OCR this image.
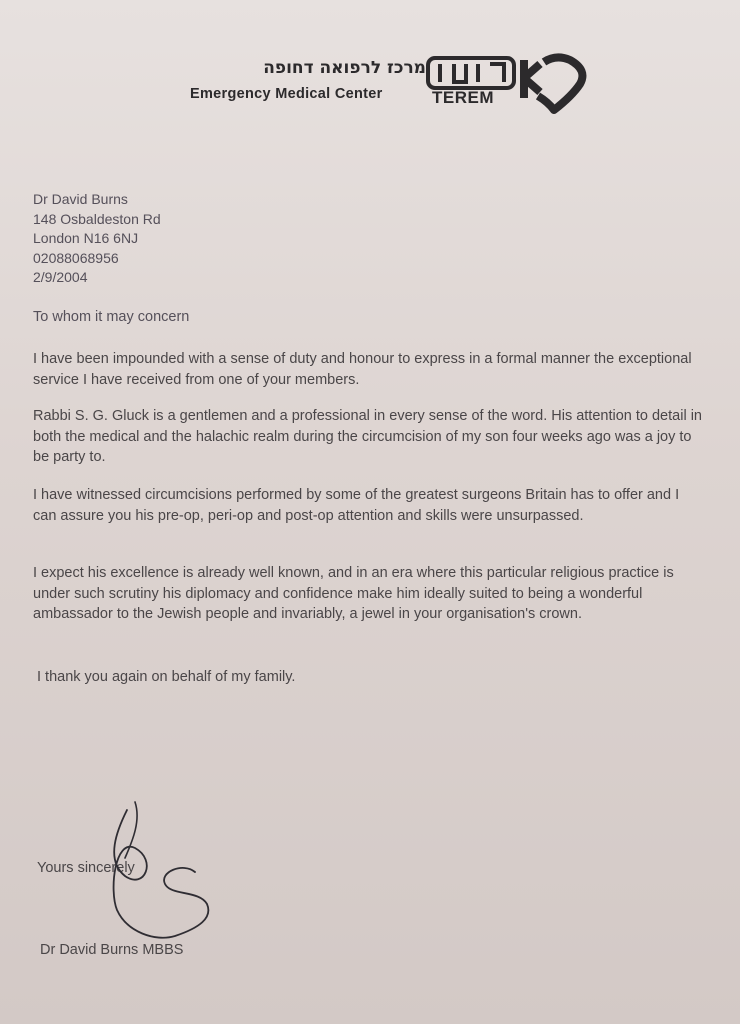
מרכז לרפואה דחופה
Emergency Medical Center	TEREM
Dr David Burns
148 Osbaldeston Rd
London N16 6NJ
02088068956
2/9/2004
To whom it may concern

I have been impounded with a sense of duty and honour to express in a formal manner the exceptional service I have received from one of your members.

Rabbi S. G. Gluck is a gentlemen and a professional in every sense of the word. His attention to detail in both the medical and the halachic realm during the circumcision of my son four weeks ago was a joy to be party to.

I have witnessed circumcisions performed by some of the greatest surgeons Britain has to offer and I can assure you his pre-op, peri-op and post-op attention and skills were unsurpassed.

I expect his excellence is already well known, and in an era where this particular religious practice is under such scrutiny his diplomacy and confidence make him ideally suited to being a wonderful ambassador to the Jewish people and invariably, a jewel in your organisation's crown.

I thank you again on behalf of my family.
Yours sincerely
Dr David Burns MBBS
